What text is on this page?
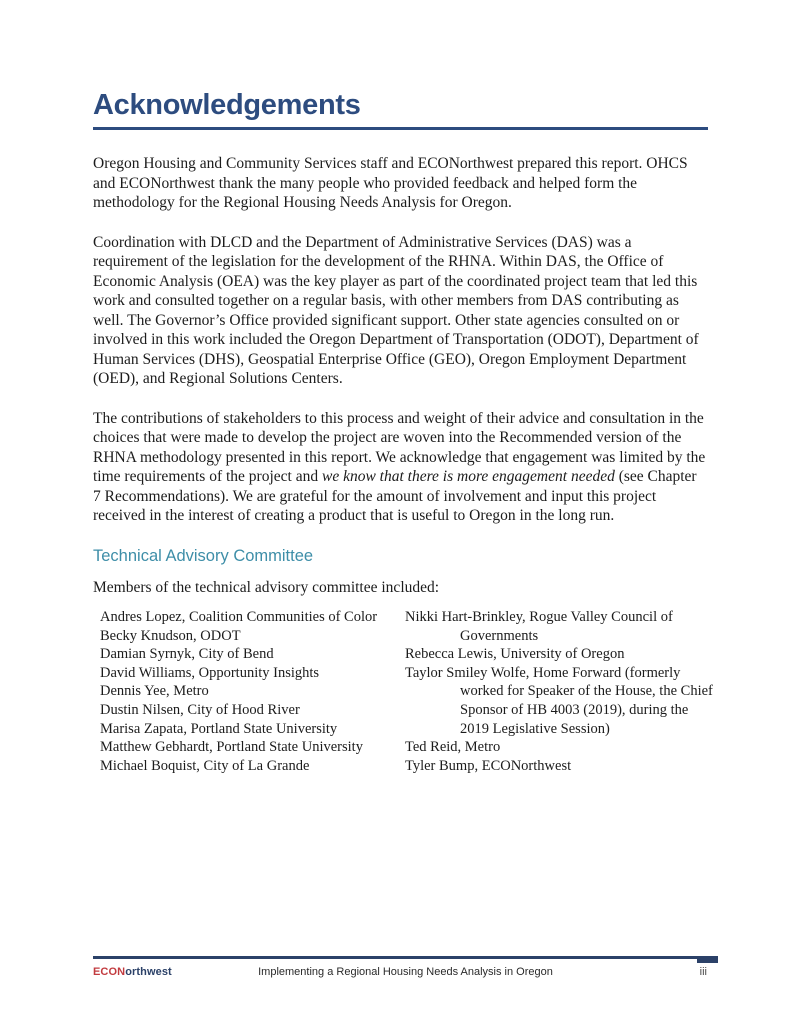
Acknowledgements

Oregon Housing and Community Services staff and ECONorthwest prepared this report. OHCS and ECONorthwest thank the many people who provided feedback and helped form the methodology for the Regional Housing Needs Analysis for Oregon.

Coordination with DLCD and the Department of Administrative Services (DAS) was a requirement of the legislation for the development of the RHNA. Within DAS, the Office of Economic Analysis (OEA) was the key player as part of the coordinated project team that led this work and consulted together on a regular basis, with other members from DAS contributing as well. The Governor’s Office provided significant support. Other state agencies consulted on or involved in this work included the Oregon Department of Transportation (ODOT), Department of Human Services (DHS), Geospatial Enterprise Office (GEO), Oregon Employment Department (OED), and Regional Solutions Centers.

The contributions of stakeholders to this process and weight of their advice and consultation in the choices that were made to develop the project are woven into the Recommended version of the RHNA methodology presented in this report. We acknowledge that engagement was limited by the time requirements of the project and we know that there is more engagement needed (see Chapter 7 Recommendations). We are grateful for the amount of involvement and input this project received in the interest of creating a product that is useful to Oregon in the long run.

Technical Advisory Committee

Members of the technical advisory committee included:

Andres Lopez, Coalition Communities of Color
Becky Knudson, ODOT
Damian Syrnyk, City of Bend
David Williams, Opportunity Insights
Dennis Yee, Metro
Dustin Nilsen, City of Hood River
Marisa Zapata, Portland State University
Matthew Gebhardt, Portland State University
Michael Boquist, City of La Grande
Nikki Hart-Brinkley, Rogue Valley Council of Governments
Rebecca Lewis, University of Oregon
Taylor Smiley Wolfe, Home Forward (formerly worked for Speaker of the House, the Chief Sponsor of HB 4003 (2019), during the 2019 Legislative Session)
Ted Reid, Metro
Tyler Bump, ECONorthwest
ECONorthwest	Implementing a Regional Housing Needs Analysis in Oregon	iii
